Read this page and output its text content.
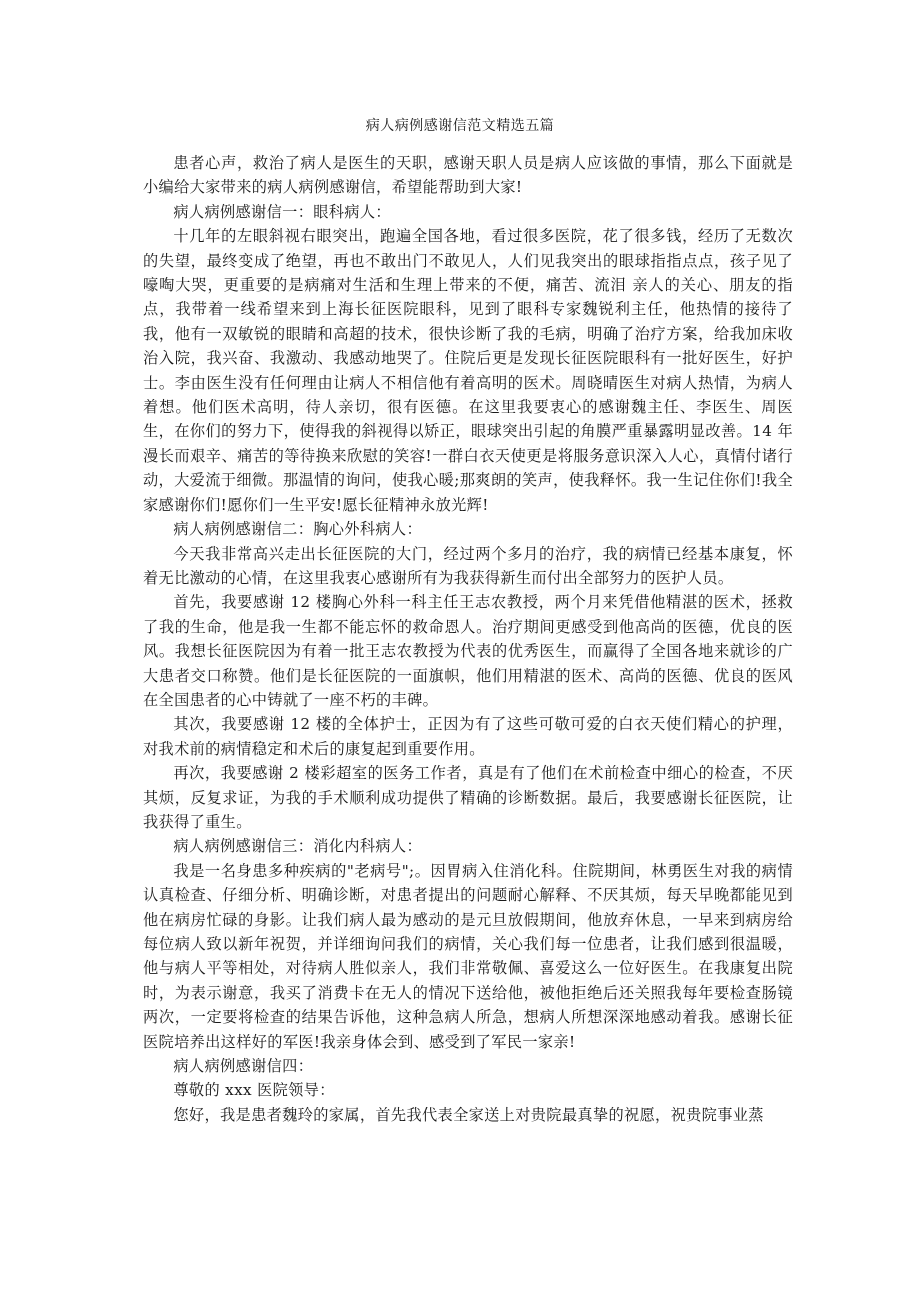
病人病例感谢信范文精选五篇

患者心声，救治了病人是医生的天职，感谢天职人员是病人应该做的事情，那么下面就是小编给大家带来的病人病例感谢信，希望能帮助到大家!

病人病例感谢信一：眼科病人：

十几年的左眼斜视右眼突出，跑遍全国各地，看过很多医院，花了很多钱，经历了无数次的失望，最终变成了绝望，再也不敢出门不敢见人，人们见我突出的眼球指指点点，孩子见了嚎啕大哭，更重要的是病痛对生活和生理上带来的不便，痛苦、流泪 亲人的关心、朋友的指点，我带着一线希望来到上海长征医院眼科，见到了眼科专家魏锐利主任，他热情的接待了我，他有一双敏锐的眼睛和高超的技术，很快诊断了我的毛病，明确了治疗方案，给我加床收治入院，我兴奋、我激动、我感动地哭了。住院后更是发现长征医院眼科有一批好医生，好护士。李由医生没有任何理由让病人不相信他有着高明的医术。周晓晴医生对病人热情，为病人着想。他们医术高明，待人亲切，很有医德。在这里我要衷心的感谢魏主任、李医生、周医生，在你们的努力下，使得我的斜视得以矫正，眼球突出引起的角膜严重暴露明显改善。14 年漫长而艰辛、痛苦的等待换来欣慰的笑容!一群白衣天使更是将服务意识深入人心，真情付诸行动，大爱流于细微。那温情的询问，使我心暖;那爽朗的笑声，使我释怀。我一生记住你们!我全家感谢你们!愿你们一生平安!愿长征精神永放光辉!

病人病例感谢信二：胸心外科病人：

今天我非常高兴走出长征医院的大门，经过两个多月的治疗，我的病情已经基本康复，怀着无比激动的心情，在这里我衷心感谢所有为我获得新生而付出全部努力的医护人员。

首先，我要感谢 12 楼胸心外科一科主任王志农教授，两个月来凭借他精湛的医术，拯救了我的生命，他是我一生都不能忘怀的救命恩人。治疗期间更感受到他高尚的医德，优良的医风。我想长征医院因为有着一批王志农教授为代表的优秀医生，而赢得了全国各地来就诊的广大患者交口称赞。他们是长征医院的一面旗帜，他们用精湛的医术、高尚的医德、优良的医风在全国患者的心中铸就了一座不朽的丰碑。

其次，我要感谢 12 楼的全体护士，正因为有了这些可敬可爱的白衣天使们精心的护理，对我术前的病情稳定和术后的康复起到重要作用。

再次，我要感谢 2 楼彩超室的医务工作者，真是有了他们在术前检查中细心的检查，不厌其烦，反复求证，为我的手术顺利成功提供了精确的诊断数据。最后，我要感谢长征医院，让我获得了重生。

病人病例感谢信三：消化内科病人：

我是一名身患多种疾病的"老病号";。因胃病入住消化科。住院期间，林勇医生对我的病情认真检查、仔细分析、明确诊断，对患者提出的问题耐心解释、不厌其烦，每天早晚都能见到他在病房忙碌的身影。让我们病人最为感动的是元旦放假期间，他放弃休息，一早来到病房给每位病人致以新年祝贺，并详细询问我们的病情，关心我们每一位患者，让我们感到很温暖，他与病人平等相处，对待病人胜似亲人，我们非常敬佩、喜爱这么一位好医生。在我康复出院时，为表示谢意，我买了消费卡在无人的情况下送给他，被他拒绝后还关照我每年要检查肠镜两次，一定要将检查的结果告诉他，这种急病人所急，想病人所想深深地感动着我。感谢长征医院培养出这样好的军医!我亲身体会到、感受到了军民一家亲!

病人病例感谢信四：

尊敬的 xxx 医院领导：

您好，我是患者魏玲的家属，首先我代表全家送上对贵院最真挚的祝愿，祝贵院事业蒸
